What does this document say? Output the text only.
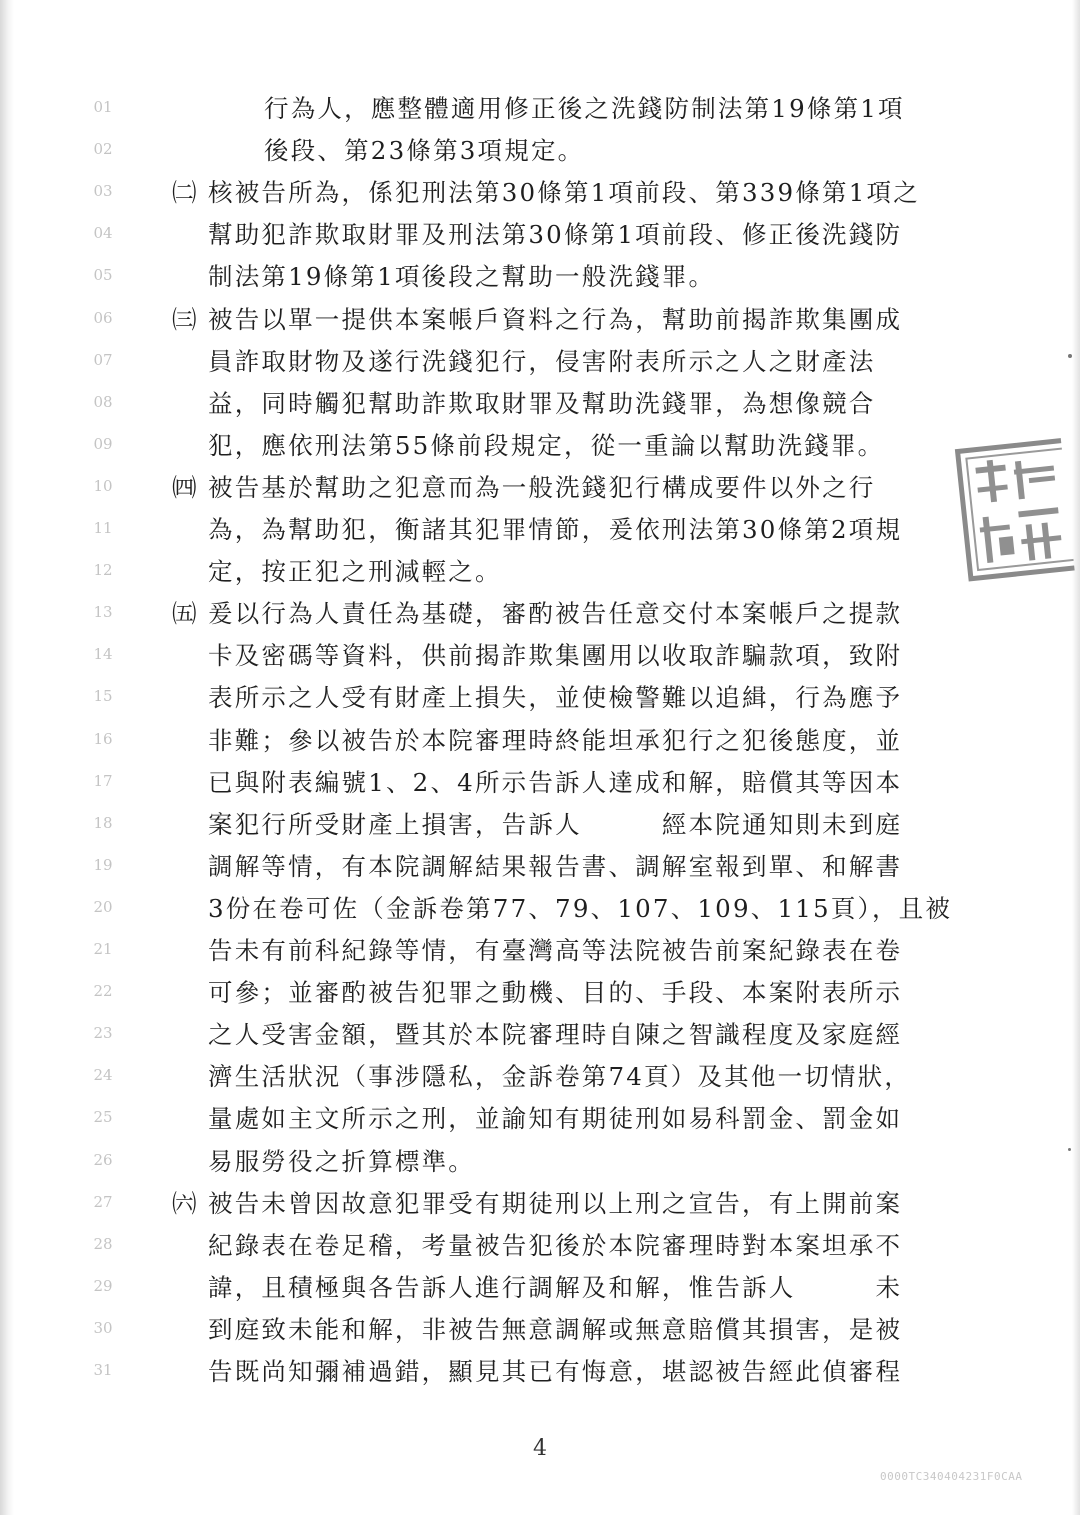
01	行為人，應整體適用修正後之洗錢防制法第19條第1項
02	後段、第23條第3項規定。
03 ㈡ 核被告所為，係犯刑法第30條第1項前段、第339條第1項之
04	幫助犯詐欺取財罪及刑法第30條第1項前段、修正後洗錢防
05	制法第19條第1項後段之幫助一般洗錢罪。
06 ㈢ 被告以單一提供本案帳戶資料之行為，幫助前揭詐欺集團成
07	員詐取財物及遂行洗錢犯行，侵害附表所示之人之財產法
08	益，同時觸犯幫助詐欺取財罪及幫助洗錢罪，為想像競合
09	犯，應依刑法第55條前段規定，從一重論以幫助洗錢罪。
10 ㈣ 被告基於幫助之犯意而為一般洗錢犯行構成要件以外之行
11	為，為幫助犯，衡諸其犯罪情節，爰依刑法第30條第2項規
12	定，按正犯之刑減輕之。
13 ㈤ 爰以行為人責任為基礎，審酌被告任意交付本案帳戶之提款
14	卡及密碼等資料，供前揭詐欺集團用以收取詐騙款項，致附
15	表所示之人受有財產上損失，並使檢警難以追緝，行為應予
16	非難；參以被告於本院審理時終能坦承犯行之犯後態度，並
17	已與附表編號1、2、4所示告訴人達成和解，賠償其等因本
18	案犯行所受財產上損害，告訴人　　　經本院通知則未到庭
19	調解等情，有本院調解結果報告書、調解室報到單、和解書
20	3份在卷可佐（金訴卷第77、79、107、109、115頁），且被
21	告未有前科紀錄等情，有臺灣高等法院被告前案紀錄表在卷
22	可參；並審酌被告犯罪之動機、目的、手段、本案附表所示
23	之人受害金額，暨其於本院審理時自陳之智識程度及家庭經
24	濟生活狀況（事涉隱私，金訴卷第74頁）及其他一切情狀，
25	量處如主文所示之刑，並諭知有期徒刑如易科罰金、罰金如
26	易服勞役之折算標準。
27 ㈥ 被告未曾因故意犯罪受有期徒刑以上刑之宣告，有上開前案
28	紀錄表在卷足稽，考量被告犯後於本院審理時對本案坦承不
29	諱，且積極與各告訴人進行調解及和解，惟告訴人　　　未
30	到庭致未能和解，非被告無意調解或無意賠償其損害，是被
31	告既尚知彌補過錯，顯見其已有悔意，堪認被告經此偵審程
4
0000TC340404231F0CAA
